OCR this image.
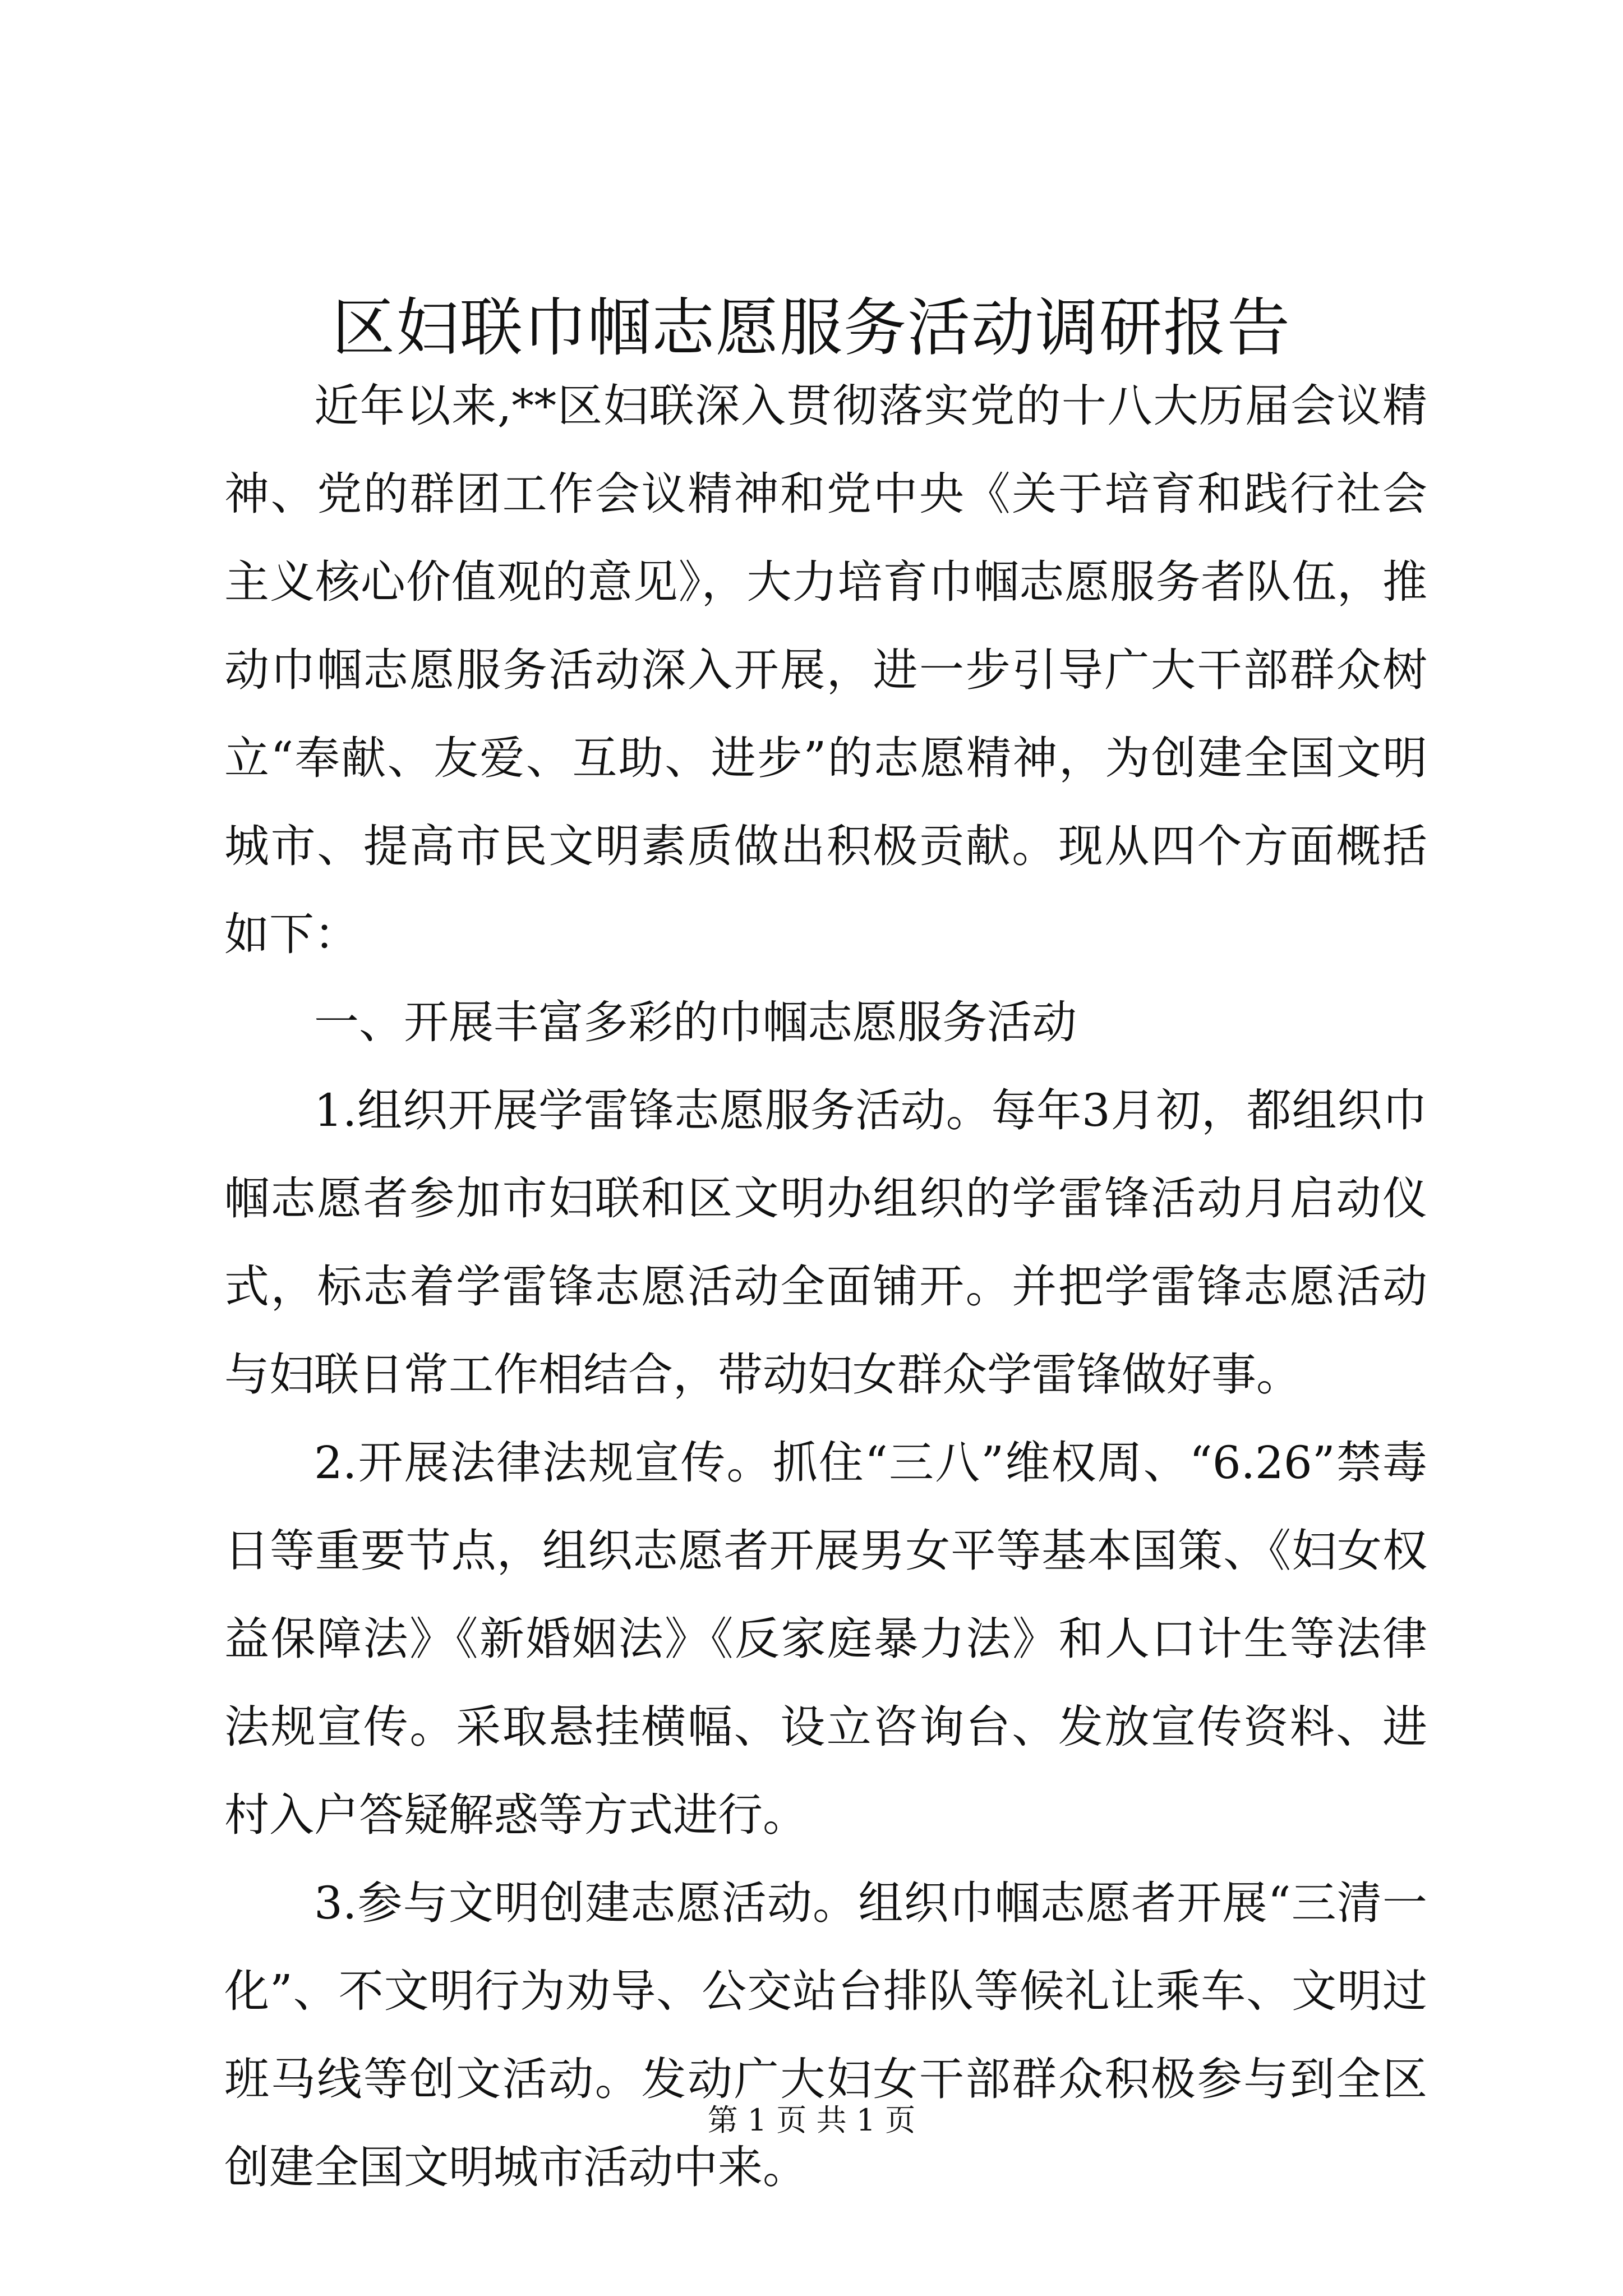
区妇联巾帼志愿服务活动调研报告

近年以来,**区妇联深入贯彻落实党的十八大历届会议精神、党的群团工作会议精神和党中央《关于培育和践行社会主义核心价值观的意见》，大力培育巾帼志愿服务者队伍，推动巾帼志愿服务活动深入开展，进一步引导广大干部群众树立“奉献、友爱、互助、进步”的志愿精神，为创建全国文明城市、提高市民文明素质做出积极贡献。现从四个方面概括如下：

一、开展丰富多彩的巾帼志愿服务活动

1.组织开展学雷锋志愿服务活动。每年3月初，都组织巾帼志愿者参加市妇联和区文明办组织的学雷锋活动月启动仪式，标志着学雷锋志愿活动全面铺开。并把学雷锋志愿活动与妇联日常工作相结合，带动妇女群众学雷锋做好事。

2.开展法律法规宣传。抓住“三八”维权周、“6.26”禁毒日等重要节点，组织志愿者开展男女平等基本国策、《妇女权益保障法》《新婚姻法》《反家庭暴力法》和人口计生等法律法规宣传。采取悬挂横幅、设立咨询台、发放宣传资料、进村入户答疑解惑等方式进行。

3.参与文明创建志愿活动。组织巾帼志愿者开展“三清一化”、不文明行为劝导、公交站台排队等候礼让乘车、文明过班马线等创文活动。发动广大妇女干部群众积极参与到全区创建全国文明城市活动中来。

第 1 页 共 1 页
